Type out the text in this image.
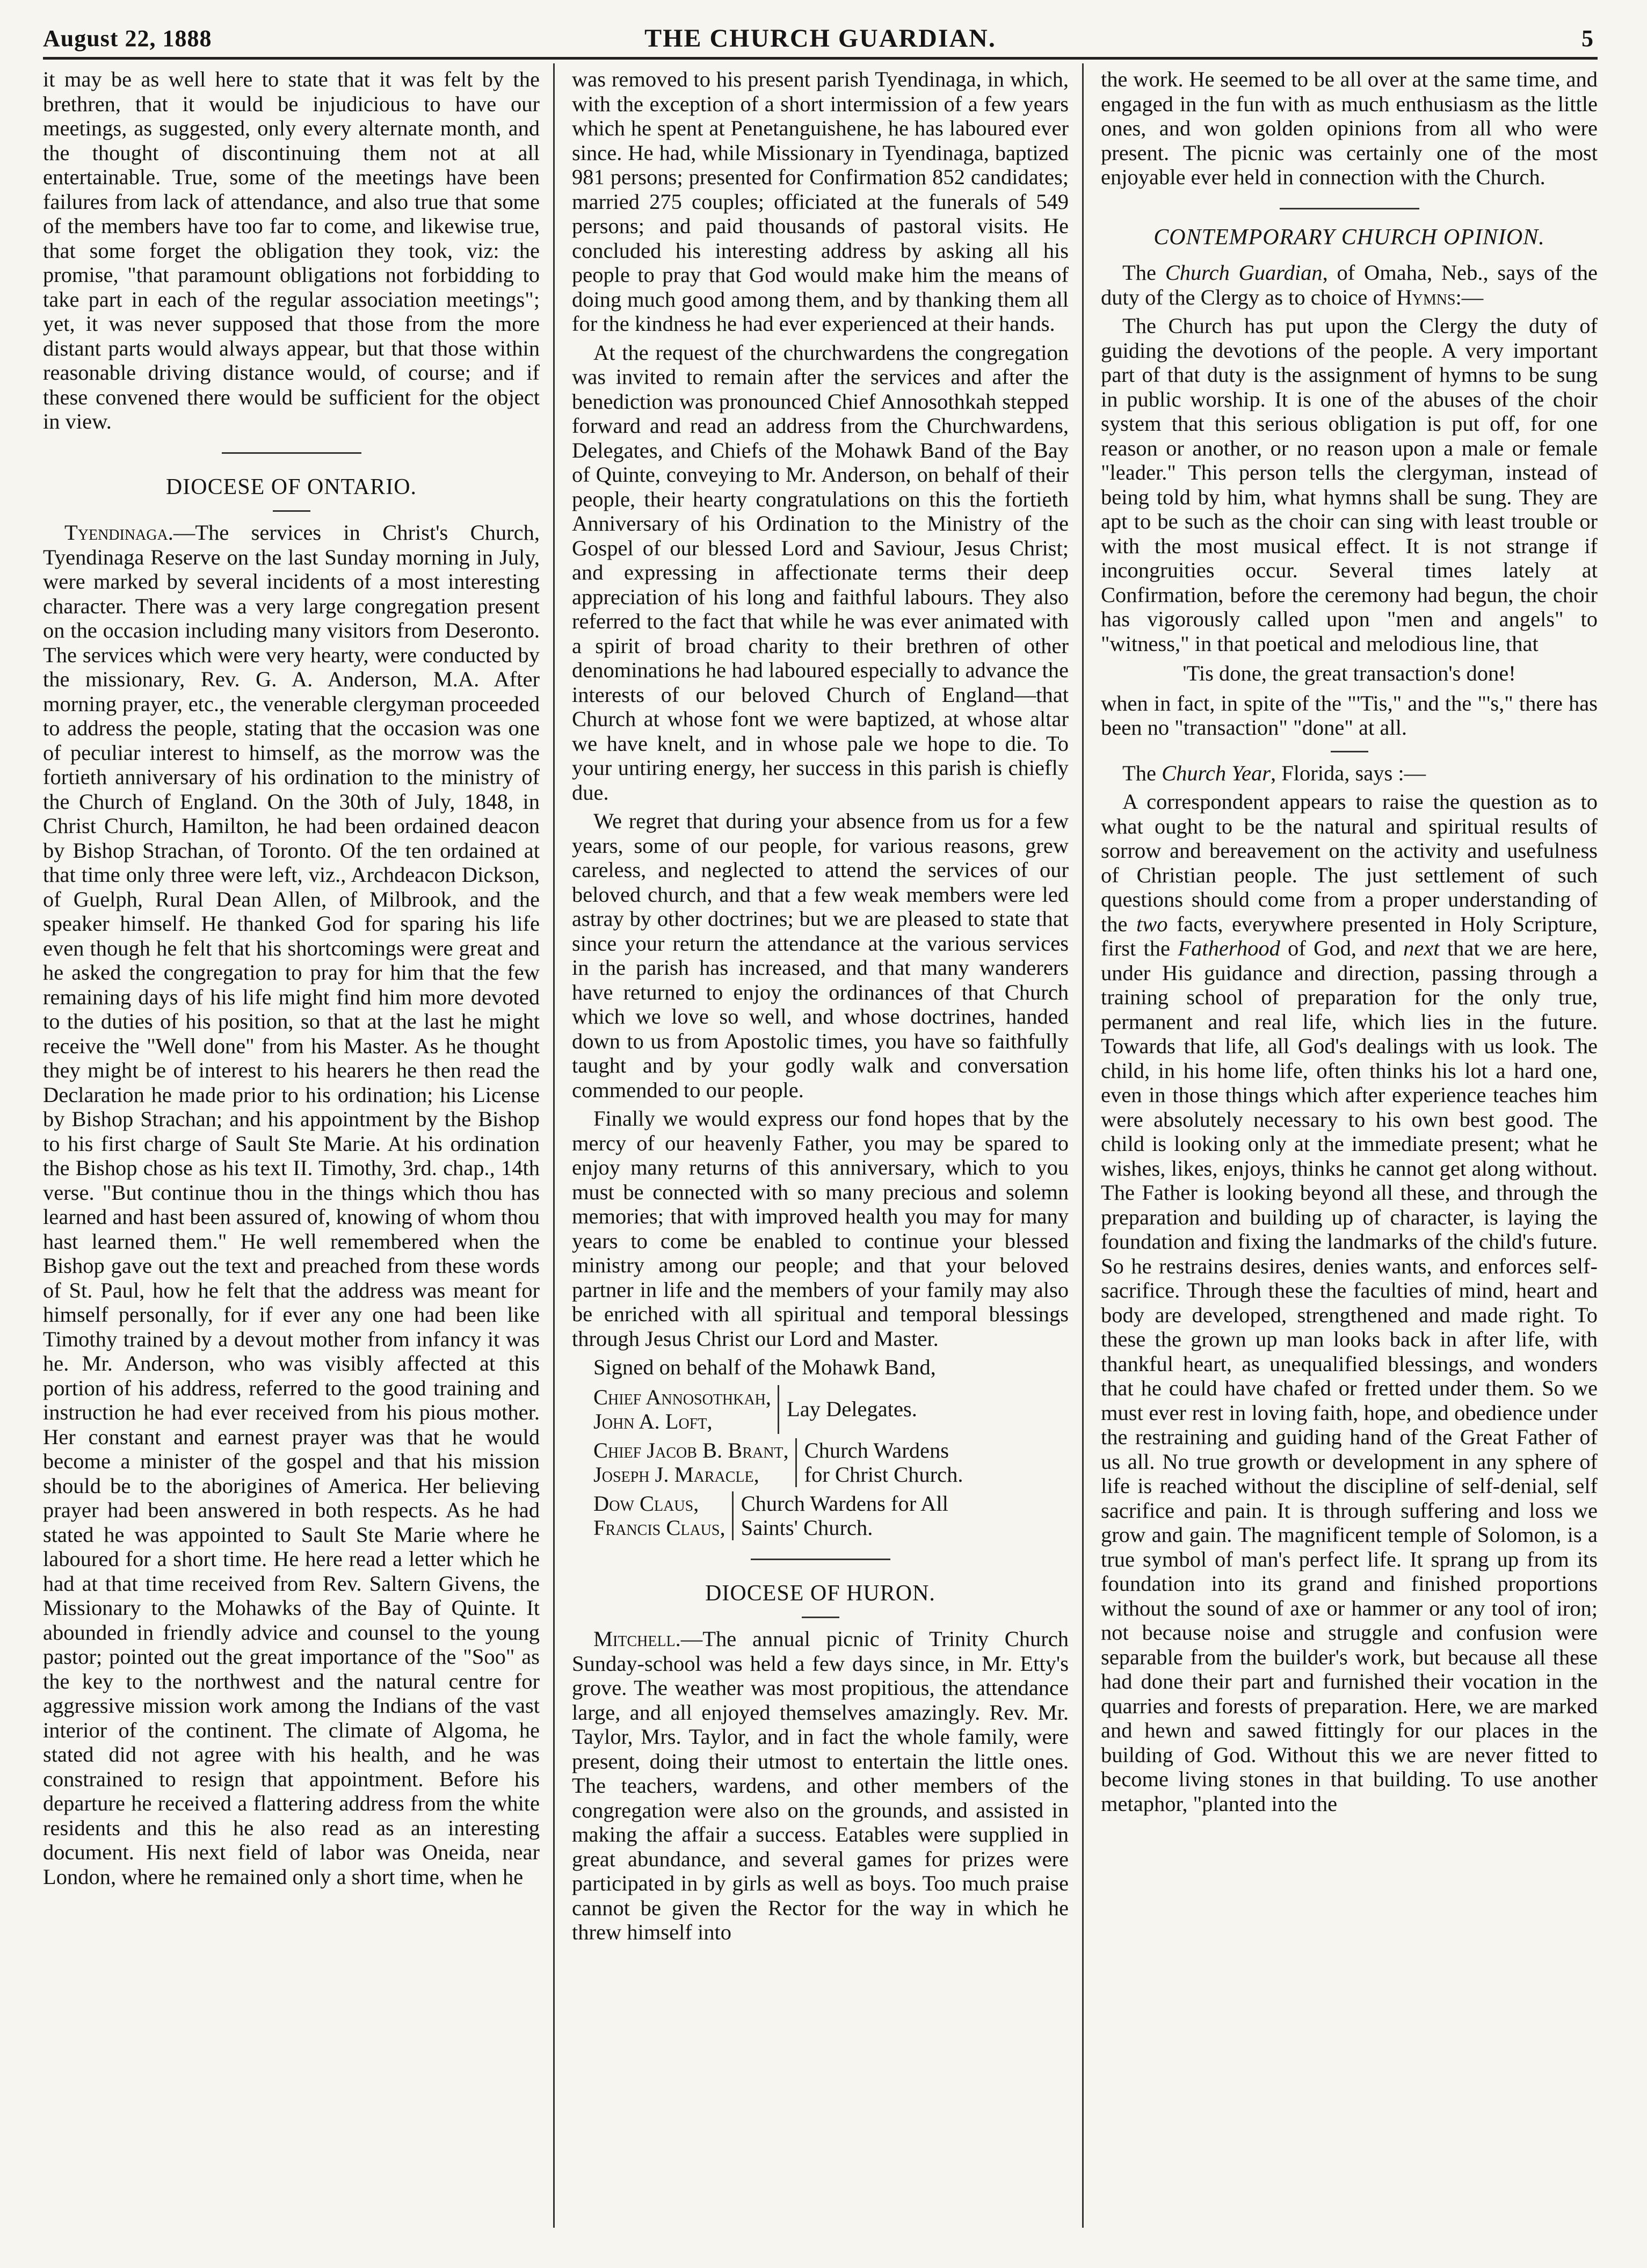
August 22, 1888	THE CHURCH GUARDIAN.	5

it may be as well here to state that it was felt by the brethren, that it would be injudicious to have our meetings, as suggested, only every alternate month, and the thought of discontinuing them not at all entertainable. True, some of the meetings have been failures from lack of attendance, and also true that some of the members have too far to come, and likewise true, that some forget the obligation they took, viz: the promise, "that paramount obligations not forbidding to take part in each of the regular association meetings"; yet, it was never supposed that those from the more distant parts would always appear, but that those within reasonable driving distance would, of course; and if these convened there would be sufficient for the object in view.

DIOCESE OF ONTARIO.

Tyendinaga.—The services in Christ's Church, Tyendinaga Reserve on the last Sunday morning in July, were marked by several incidents of a most interesting character. There was a very large congregation present on the occasion including many visitors from Deseronto. The services which were very hearty, were conducted by the missionary, Rev. G. A. Anderson, M.A. After morning prayer, etc., the venerable clergyman proceeded to address the people, stating that the occasion was one of peculiar interest to himself, as the morrow was the fortieth anniversary of his ordination to the ministry of the Church of England. On the 30th of July, 1848, in Christ Church, Hamilton, he had been ordained deacon by Bishop Strachan, of Toronto. Of the ten ordained at that time only three were left, viz., Archdeacon Dickson, of Guelph, Rural Dean Allen, of Milbrook, and the speaker himself. He thanked God for sparing his life even though he felt that his shortcomings were great and he asked the congregation to pray for him that the few remaining days of his life might find him more devoted to the duties of his position, so that at the last he might receive the "Well done" from his Master. As he thought they might be of interest to his hearers he then read the Declaration he made prior to his ordination; his License by Bishop Strachan; and his appointment by the Bishop to his first charge of Sault Ste Marie. At his ordination the Bishop chose as his text II. Timothy, 3rd. chap., 14th verse. "But continue thou in the things which thou has learned and hast been assured of, knowing of whom thou hast learned them." He well remembered when the Bishop gave out the text and preached from these words of St. Paul, how he felt that the address was meant for himself personally, for if ever any one had been like Timothy trained by a devout mother from infancy it was he. Mr. Anderson, who was visibly affected at this portion of his address, referred to the good training and instruction he had ever received from his pious mother. Her constant and earnest prayer was that he would become a minister of the gospel and that his mission should be to the aborigines of America. Her believing prayer had been answered in both respects. As he had stated he was appointed to Sault Ste Marie where he laboured for a short time. He here read a letter which he had at that time received from Rev. Saltern Givens, the Missionary to the Mohawks of the Bay of Quinte. It abounded in friendly advice and counsel to the young pastor; pointed out the great importance of the "Soo" as the key to the northwest and the natural centre for aggressive mission work among the Indians of the vast interior of the continent. The climate of Algoma, he stated did not agree with his health, and he was constrained to resign that appointment. Before his departure he received a flattering address from the white residents and this he also read as an interesting document. His next field of labor was Oneida, near London, where he remained only a short time, when he

was removed to his present parish Tyendinaga, in which, with the exception of a short intermission of a few years which he spent at Penetanguishene, he has laboured ever since. He had, while Missionary in Tyendinaga, baptized 981 persons; presented for Confirmation 852 candidates; married 275 couples; officiated at the funerals of 549 persons; and paid thousands of pastoral visits. He concluded his interesting address by asking all his people to pray that God would make him the means of doing much good among them, and by thanking them all for the kindness he had ever experienced at their hands.

At the request of the churchwardens the congregation was invited to remain after the services and after the benediction was pronounced Chief Annosothkah stepped forward and read an address from the Churchwardens, Delegates, and Chiefs of the Mohawk Band of the Bay of Quinte, conveying to Mr. Anderson, on behalf of their people, their hearty congratulations on this the fortieth Anniversary of his Ordination to the Ministry of the Gospel of our blessed Lord and Saviour, Jesus Christ; and expressing in affectionate terms their deep appreciation of his long and faithful labours. They also referred to the fact that while he was ever animated with a spirit of broad charity to their brethren of other denominations he had laboured especially to advance the interests of our beloved Church of England—that Church at whose font we were baptized, at whose altar we have knelt, and in whose pale we hope to die. To your untiring energy, her success in this parish is chiefly due.

We regret that during your absence from us for a few years, some of our people, for various reasons, grew careless, and neglected to attend the services of our beloved church, and that a few weak members were led astray by other doctrines; but we are pleased to state that since your return the attendance at the various services in the parish has increased, and that many wanderers have returned to enjoy the ordinances of that Church which we love so well, and whose doctrines, handed down to us from Apostolic times, you have so faithfully taught and by your godly walk and conversation commended to our people.

Finally we would express our fond hopes that by the mercy of our heavenly Father, you may be spared to enjoy many returns of this anniversary, which to you must be connected with so many precious and solemn memories; that with improved health you may for many years to come be enabled to continue your blessed ministry among our people; and that your beloved partner in life and the members of your family may also be enriched with all spiritual and temporal blessings through Jesus Christ our Lord and Master.

Signed on behalf of the Mohawk Band,

Chief Annosothkah,
John A. Loft,
Lay Delegates.
Chief Jacob B. Brant,
Joseph J. Maracle,
Church Wardens
for Christ Church.
Dow Claus,
Francis Claus,
Church Wardens for All
Saints' Church.
DIOCESE OF HURON.

Mitchell.—The annual picnic of Trinity Church Sunday-school was held a few days since, in Mr. Etty's grove. The weather was most propitious, the attendance large, and all enjoyed themselves amazingly. Rev. Mr. Taylor, Mrs. Taylor, and in fact the whole family, were present, doing their utmost to entertain the little ones. The teachers, wardens, and other members of the congregation were also on the grounds, and assisted in making the affair a success. Eatables were supplied in great abundance, and several games for prizes were participated in by girls as well as boys. Too much praise cannot be given the Rector for the way in which he threw himself into

the work. He seemed to be all over at the same time, and engaged in the fun with as much enthusiasm as the little ones, and won golden opinions from all who were present. The picnic was certainly one of the most enjoyable ever held in connection with the Church.

CONTEMPORARY CHURCH OPINION.

The Church Guardian, of Omaha, Neb., says of the duty of the Clergy as to choice of Hymns:—

The Church has put upon the Clergy the duty of guiding the devotions of the people. A very important part of that duty is the assignment of hymns to be sung in public worship. It is one of the abuses of the choir system that this serious obligation is put off, for one reason or another, or no reason upon a male or female "leader." This person tells the clergyman, instead of being told by him, what hymns shall be sung. They are apt to be such as the choir can sing with least trouble or with the most musical effect. It is not strange if incongruities occur. Several times lately at Confirmation, before the ceremony had begun, the choir has vigorously called upon "men and angels" to "witness," in that poetical and melodious line, that

'Tis done, the great transaction's done!

when in fact, in spite of the "'Tis," and the "'s," there has been no "transaction" "done" at all.

The Church Year, Florida, says :—

A correspondent appears to raise the question as to what ought to be the natural and spiritual results of sorrow and bereavement on the activity and usefulness of Christian people. The just settlement of such questions should come from a proper understanding of the two facts, everywhere presented in Holy Scripture, first the Fatherhood of God, and next that we are here, under His guidance and direction, passing through a training school of preparation for the only true, permanent and real life, which lies in the future. Towards that life, all God's dealings with us look. The child, in his home life, often thinks his lot a hard one, even in those things which after experience teaches him were absolutely necessary to his own best good. The child is looking only at the immediate present; what he wishes, likes, enjoys, thinks he cannot get along without. The Father is looking beyond all these, and through the preparation and building up of character, is laying the foundation and fixing the landmarks of the child's future. So he restrains desires, denies wants, and enforces self-sacrifice. Through these the faculties of mind, heart and body are developed, strengthened and made right. To these the grown up man looks back in after life, with thankful heart, as unequalified blessings, and wonders that he could have chafed or fretted under them. So we must ever rest in loving faith, hope, and obedience under the restraining and guiding hand of the Great Father of us all. No true growth or development in any sphere of life is reached without the discipline of self-denial, self sacrifice and pain. It is through suffering and loss we grow and gain. The magnificent temple of Solomon, is a true symbol of man's perfect life. It sprang up from its foundation into its grand and finished proportions without the sound of axe or hammer or any tool of iron; not because noise and struggle and confusion were separable from the builder's work, but because all these had done their part and furnished their vocation in the quarries and forests of preparation. Here, we are marked and hewn and sawed fittingly for our places in the building of God. Without this we are never fitted to become living stones in that building. To use another metaphor, "planted into the
